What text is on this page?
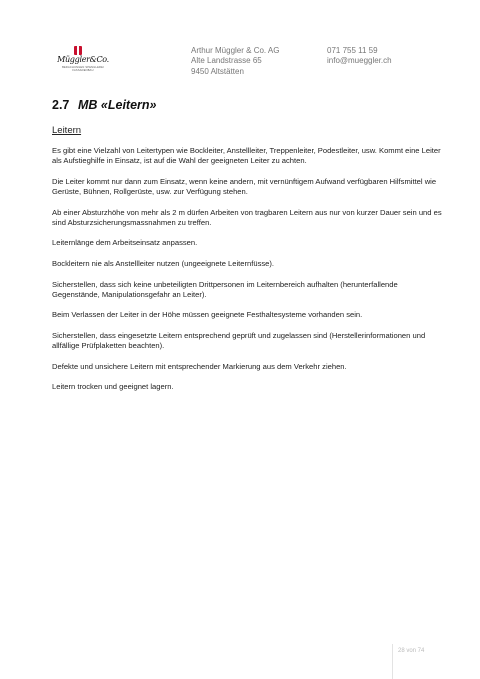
Müggler&Co.
BEDACHUNGEN SPENGLEREI FASSADENBAU
Arthur Müggler & Co. AG
Alte Landstrasse 65
9450 Altstätten
071 755 11 59
info@muеggler.ch
2.7 MB «Leitern»
Leitern

Es gibt eine Vielzahl von Leitertypen wie Bockleiter, Anstellleiter, Treppenleiter, Podestleiter, usw. Kommt eine Leiter als Aufstieghilfe in Einsatz, ist auf die Wahl der geeigneten Leiter zu achten.

Die Leiter kommt nur dann zum Einsatz, wenn keine andern, mit vernünftigem Aufwand verfügbaren Hilfsmittel wie Gerüste, Bühnen, Rollgerüste, usw. zur Verfügung stehen.

Ab einer Absturzhöhe von mehr als 2 m dürfen Arbeiten von tragbaren Leitern aus nur von kurzer Dauer sein und es sind Absturzsicherungsmassnahmen zu treffen.

Leiternlänge dem Arbeitseinsatz anpassen.

Bockleitern nie als Anstellleiter nutzen (ungeeignete Leiternfüsse).

Sicherstellen, dass sich keine unbeteiligten Drittpersonen im Leiternbereich aufhalten (herunterfallende Gegenstände, Manipulationsgefahr an Leiter).

Beim Verlassen der Leiter in der Höhe müssen geeignete Festhaltesysteme vorhanden sein.

Sicherstellen, dass eingesetzte Leitern entsprechend geprüft und zugelassen sind (Herstellerinformationen und allfällige Prüfplaketten beachten).

Defekte und unsichere Leitern mit entsprechender Markierung aus dem Verkehr ziehen.

Leitern trocken und geeignet lagern.

28 von 74
